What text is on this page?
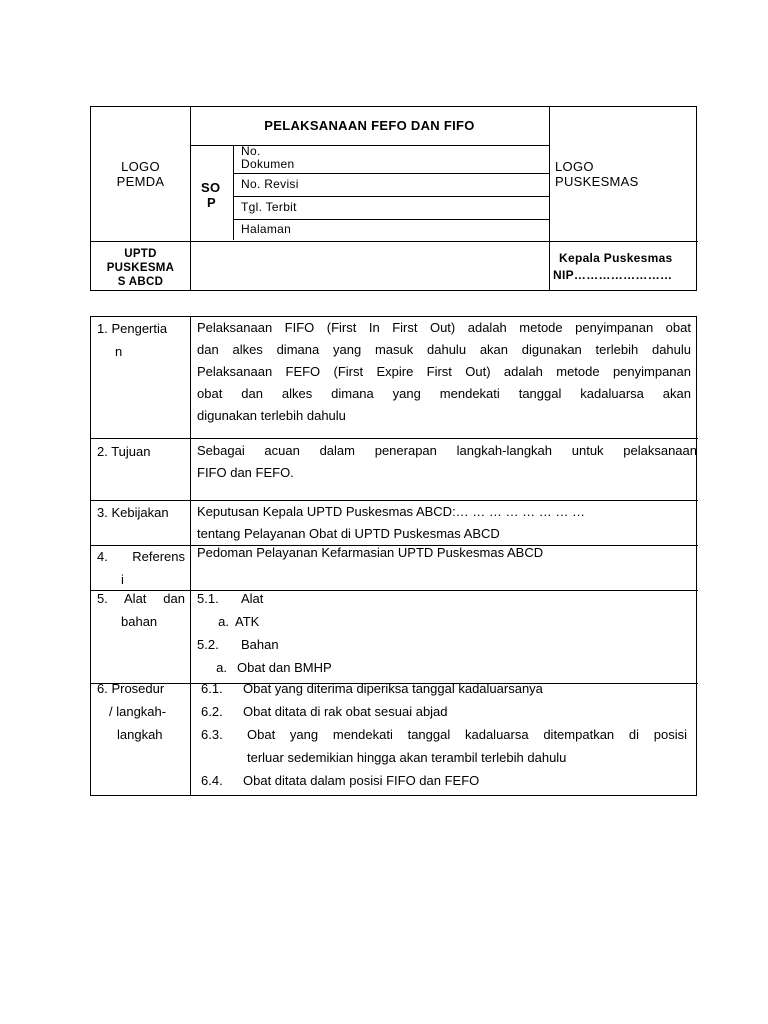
LOGO
PEMDA
PELAKSANAAN FEFO DAN FIFO
SO
P
No.
Dokumen
No. Revisi
Tgl. Terbit
Halaman
LOGO
PUSKESMAS
UPTD
PUSKESMA
S ABCD
Kepala Puskesmas
NIP……………………
1. Pengertia
n
Pelaksanaan FIFO (First In First Out) adalah metode penyimpanan obat
dan alkes dimana yang masuk dahulu akan digunakan terlebih dahulu
Pelaksanaan FEFO (First Expire First Out) adalah metode penyimpanan
obat dan alkes dimana yang mendekati tanggal kadaluarsa akan
digunakan terlebih dahulu
2. Tujuan	Sebagai acuan dalam penerapan langkah-langkah untuk pelaksanaan
FIFO dan FEFO.
3. Kebijakan	Keputusan Kepala UPTD Puskesmas ABCD:… … … … … … … …
tentang Pelayanan Obat di UPTD Puskesmas ABCD
4. Referens
i
Pedoman Pelayanan Kefarmasian UPTD Puskesmas ABCD
5. Alat dan
bahan
5.1. Alat
a. ATK
5.2. Bahan
a. Obat dan BMHP
6. Prosedur
/ langkah-
langkah
6.1. Obat yang diterima diperiksa tanggal kadaluarsanya
6.2. Obat ditata di rak obat sesuai abjad
6.3. Obat yang mendekati tanggal kadaluarsa ditempatkan di posisi
terluar sedemikian hingga akan terambil terlebih dahulu
6.4. Obat ditata dalam posisi FIFO dan FEFO
